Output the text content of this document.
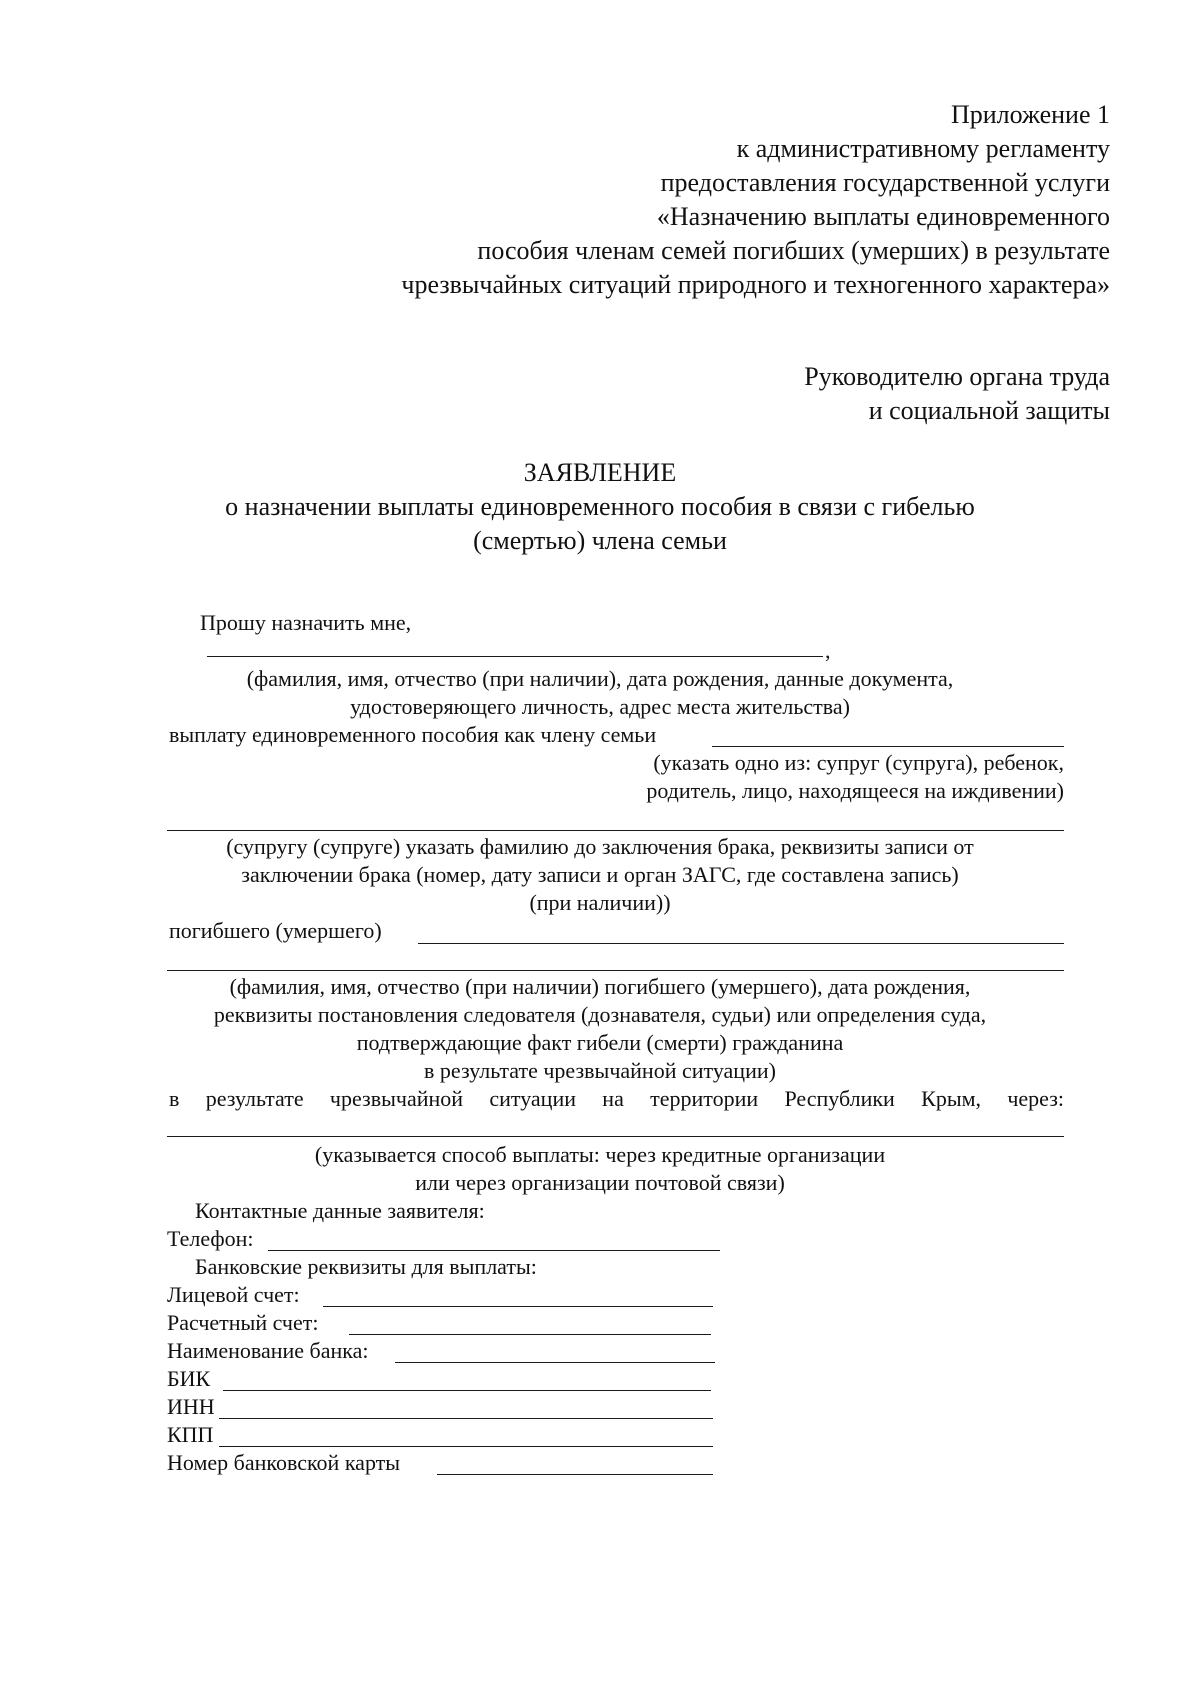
Приложение 1
к административному регламенту
предоставления государственной услуги
«Назначению выплаты единовременного
пособия членам семей погибших (умерших) в результате
чрезвычайных ситуаций природного и техногенного характера»
Руководителю органа труда
и социальной защиты
ЗАЯВЛЕНИЕ
о назначении выплаты единовременного пособия в связи с гибелью
(смертью) члена семьи
Прошу назначить мне,
,
(фамилия, имя, отчество (при наличии), дата рождения, данные документа,
удостоверяющего личность, адрес места жительства)
выплату единовременного пособия как члену семьи
(указать одно из: супруг (супруга), ребенок,
родитель, лицо, находящееся на иждивении)
(супругу (супруге) указать фамилию до заключения брака, реквизиты записи от
заключении брака (номер, дату записи и орган ЗАГС, где составлена запись)
(при наличии))
погибшего (умершего)
(фамилия, имя, отчество (при наличии) погибшего (умершего), дата рождения,
реквизиты постановления следователя (дознавателя, судьи) или определения суда,
подтверждающие факт гибели (смерти) гражданина
в результате чрезвычайной ситуации)
в результате чрезвычайной ситуации на территории Республики Крым, через:
(указывается способ выплаты: через кредитные организации
или через организации почтовой связи)
Контактные данные заявителя:
Телефон:
Банковские реквизиты для выплаты:
Лицевой счет:
Расчетный счет:
Наименование банка:
БИК
ИНН
КПП
Номер банковской карты
